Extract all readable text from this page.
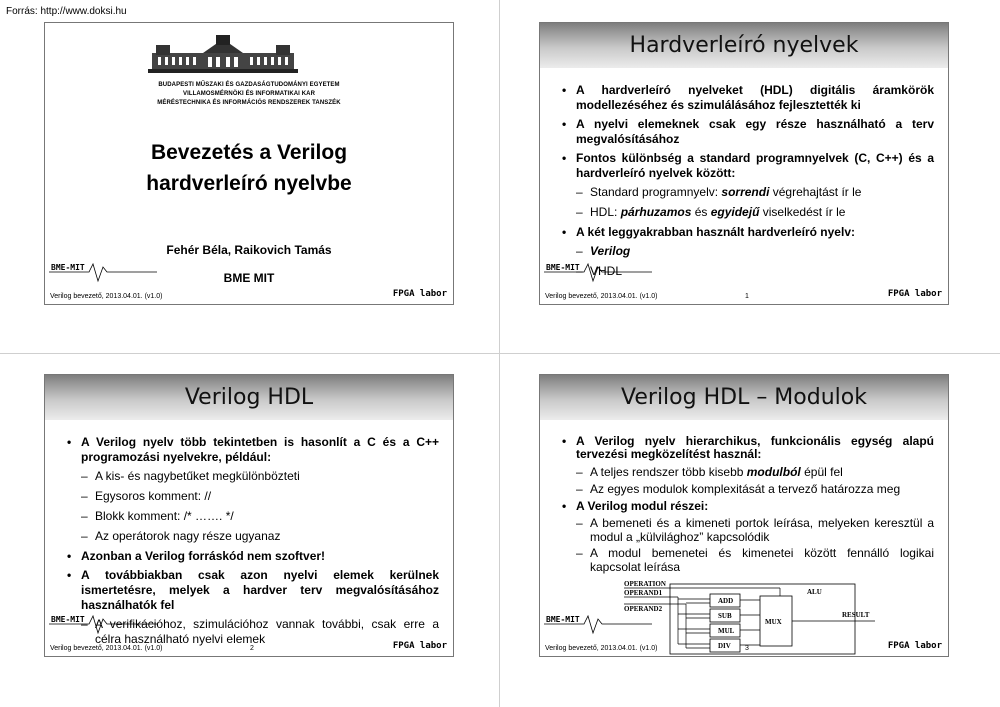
Forrás: http://www.doksi.hu
BUDAPESTI MŰSZAKI ÉS GAZDASÁGTUDOMÁNYI EGYETEM
VILLAMOSMÉRNÖKI ÉS INFORMATIKAI KAR
MÉRÉSTECHNIKA ÉS INFORMÁCIÓS RENDSZEREK TANSZÉK
Bevezetés a Verilog
hardverleíró nyelvbe
Fehér Béla, Raikovich Tamás
BME MIT
BME-MIT
Verilog bevezető, 2013.04.01. (v1.0)	FPGA labor
Hardverleíró nyelvek
• A hardverleíró nyelveket (HDL) digitális áramkörök modellezéséhez és szimulálásához fejlesztették ki
• A nyelvi elemeknek csak egy része használható a terv megvalósításához
• Fontos különbség a standard programnyelvek (C, C++) és a hardverleíró nyelvek között:
– Standard programnyelv: sorrendi végrehajtást ír le
– HDL: párhuzamos és egyidejű viselkedést ír le
• A két leggyakrabban használt hardverleíró nyelv:
– Verilog
– VHDL
BME-MIT
Verilog bevezető, 2013.04.01. (v1.0)	1	FPGA labor
Verilog HDL
• A Verilog nyelv több tekintetben is hasonlít a C és a C++ programozási nyelvekre, például:
– A kis- és nagybetűket megkülönbözteti
– Egysoros komment: //
– Blokk komment: /* ……. */
– Az operátorok nagy része ugyanaz
• Azonban a Verilog forráskód nem szoftver!
• A továbbiakban csak azon nyelvi elemek kerülnek ismertetésre, melyek a hardver terv megvalósításához használhatók fel
– A verifikációhoz, szimulációhoz vannak további, csak erre a célra használható nyelvi elemek
BME-MIT
Verilog bevezető, 2013.04.01. (v1.0)	2	FPGA labor
Verilog HDL – Modulok
• A Verilog nyelv hierarchikus, funkcionális egység alapú tervezési megközelítést használ:
– A teljes rendszer több kisebb modulból épül fel
– Az egyes modulok komplexitását a tervező határozza meg
• A Verilog modul részei:
– A bemeneti és a kimeneti portok leírása, melyeken keresztül a modul a „külvilághoz” kapcsolódik
– A modul bemenetei és kimenetei között fennálló logikai kapcsolat leírása
OPERATION
OPERAND1
OPERAND2
ALU
ADD
SUB
MUL
DIV
MUX
RESULT
BME-MIT
Verilog bevezető, 2013.04.01. (v1.0)	3	FPGA labor
